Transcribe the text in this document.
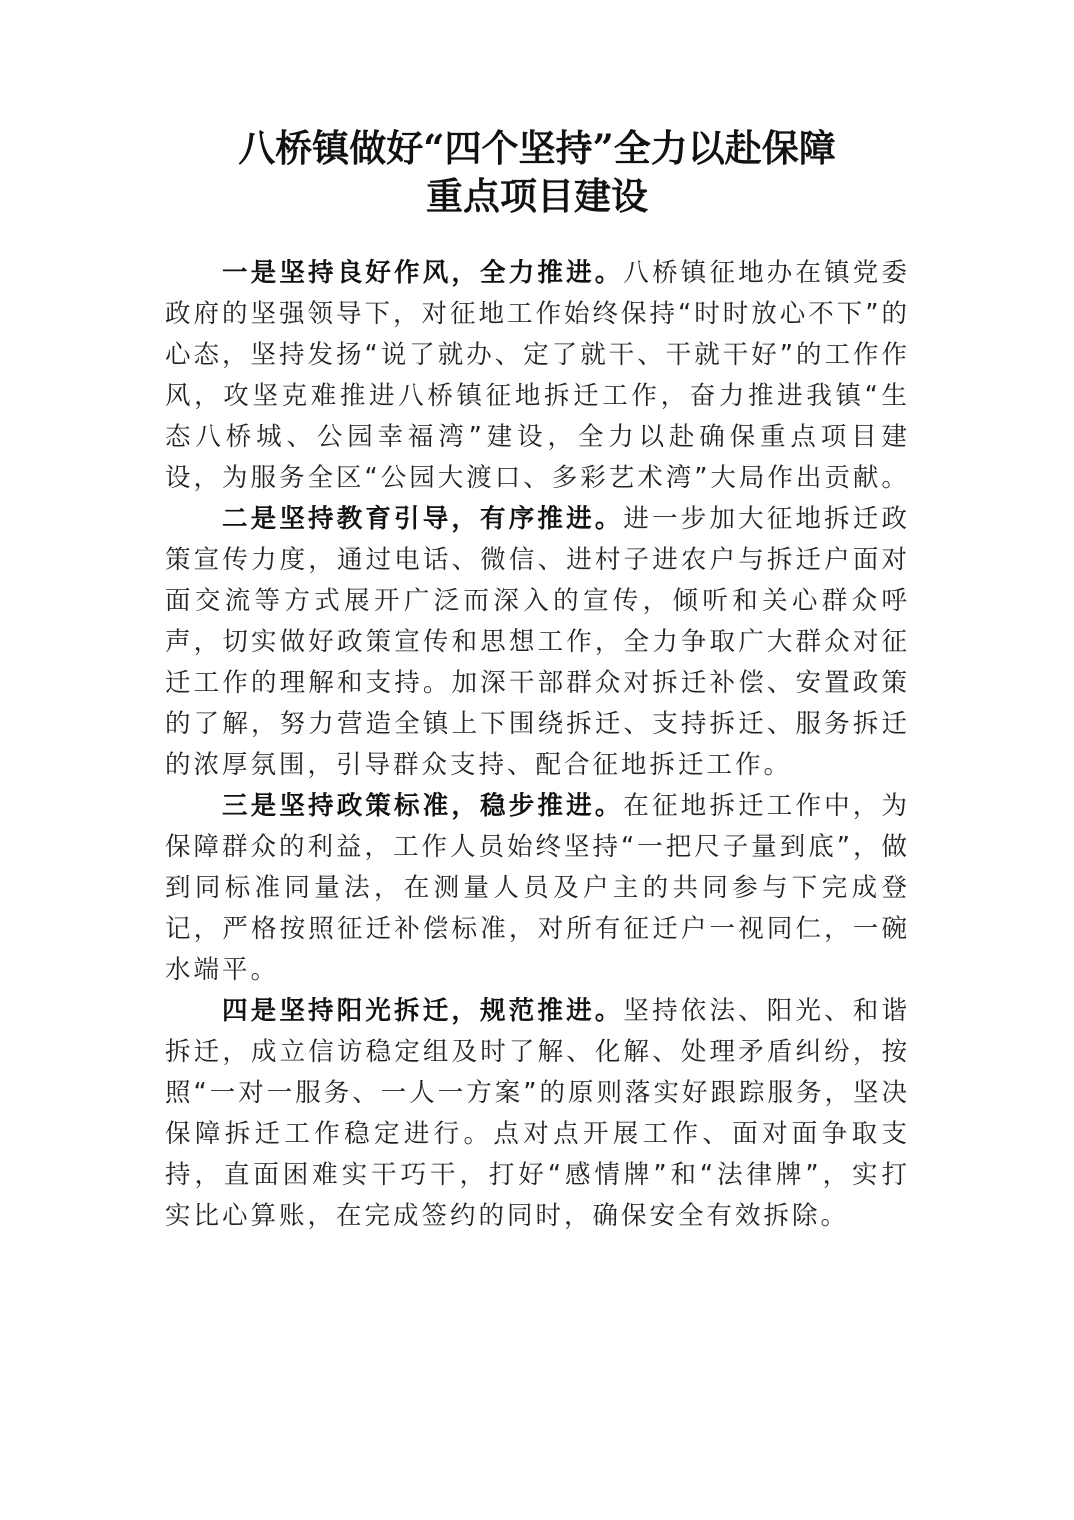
八桥镇做好“四个坚持”全力以赴保障
重点项目建设

一是坚持良好作风，全力推进。八桥镇征地办在镇党委政府的坚强领导下，对征地工作始终保持“时时放心不下”的心态，坚持发扬“说了就办、定了就干、干就干好”的工作作风，攻坚克难推进八桥镇征地拆迁工作，奋力推进我镇“生态八桥城、公园幸福湾”建设，全力以赴确保重点项目建设，为服务全区“公园大渡口、多彩艺术湾”大局作出贡献。

二是坚持教育引导，有序推进。进一步加大征地拆迁政策宣传力度，通过电话、微信、进村子进农户与拆迁户面对面交流等方式展开广泛而深入的宣传，倾听和关心群众呼声，切实做好政策宣传和思想工作，全力争取广大群众对征迁工作的理解和支持。加深干部群众对拆迁补偿、安置政策的了解，努力营造全镇上下围绕拆迁、支持拆迁、服务拆迁的浓厚氛围，引导群众支持、配合征地拆迁工作。

三是坚持政策标准，稳步推进。在征地拆迁工作中，为保障群众的利益，工作人员始终坚持“一把尺子量到底”，做到同标准同量法，在测量人员及户主的共同参与下完成登记，严格按照征迁补偿标准，对所有征迁户一视同仁，一碗水端平。

四是坚持阳光拆迁，规范推进。坚持依法、阳光、和谐拆迁，成立信访稳定组及时了解、化解、处理矛盾纠纷，按照“一对一服务、一人一方案”的原则落实好跟踪服务，坚决保障拆迁工作稳定进行。点对点开展工作、面对面争取支持，直面困难实干巧干，打好“感情牌”和“法律牌”，实打实比心算账，在完成签约的同时，确保安全有效拆除。
